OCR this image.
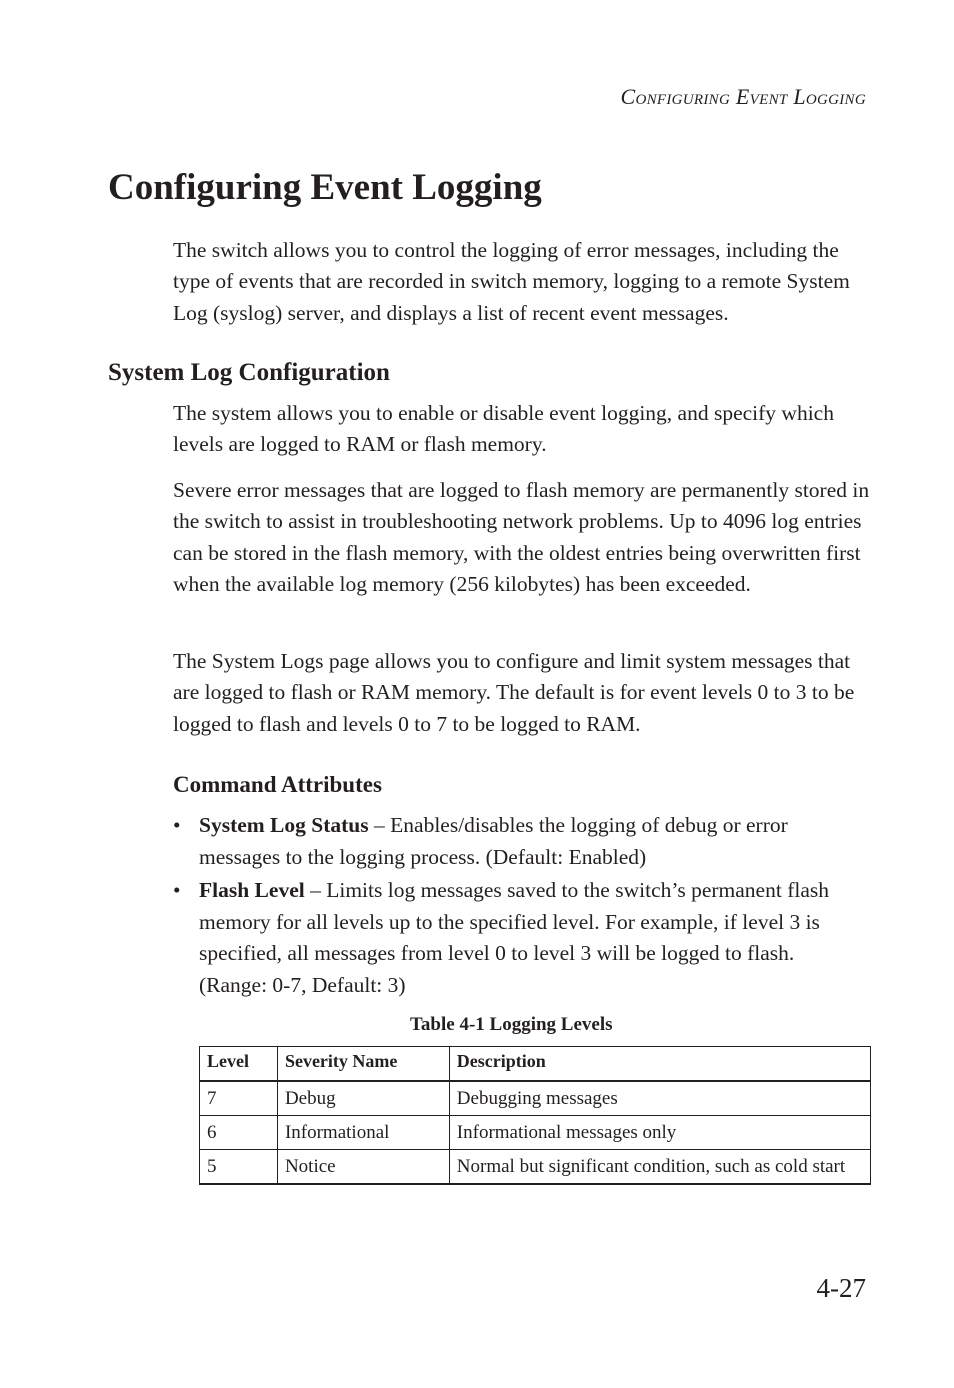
Configuring Event Logging
Configuring Event Logging

The switch allows you to control the logging of error messages, including the type of events that are recorded in switch memory, logging to a remote System Log (syslog) server, and displays a list of recent event messages.

System Log Configuration

The system allows you to enable or disable event logging, and specify which levels are logged to RAM or flash memory.

Severe error messages that are logged to flash memory are permanently stored in the switch to assist in troubleshooting network problems. Up to 4096 log entries can be stored in the flash memory, with the oldest entries being overwritten first when the available log memory (256 kilobytes) has been exceeded.

The System Logs page allows you to configure and limit system messages that are logged to flash or RAM memory. The default is for event levels 0 to 3 to be logged to flash and levels 0 to 7 to be logged to RAM.

Command Attributes
• System Log Status – Enables/disables the logging of debug or error messages to the logging process. (Default: Enabled)
• Flash Level – Limits log messages saved to the switch’s permanent flash memory for all levels up to the specified level. For example, if level 3 is specified, all messages from level 0 to level 3 will be logged to flash.
(Range: 0-7, Default: 3)
Table 4-1 Logging Levels
Level	Severity Name	Description
7	Debug	Debugging messages
6	Informational	Informational messages only
5	Notice	Normal but significant condition, such as cold start
4-27
